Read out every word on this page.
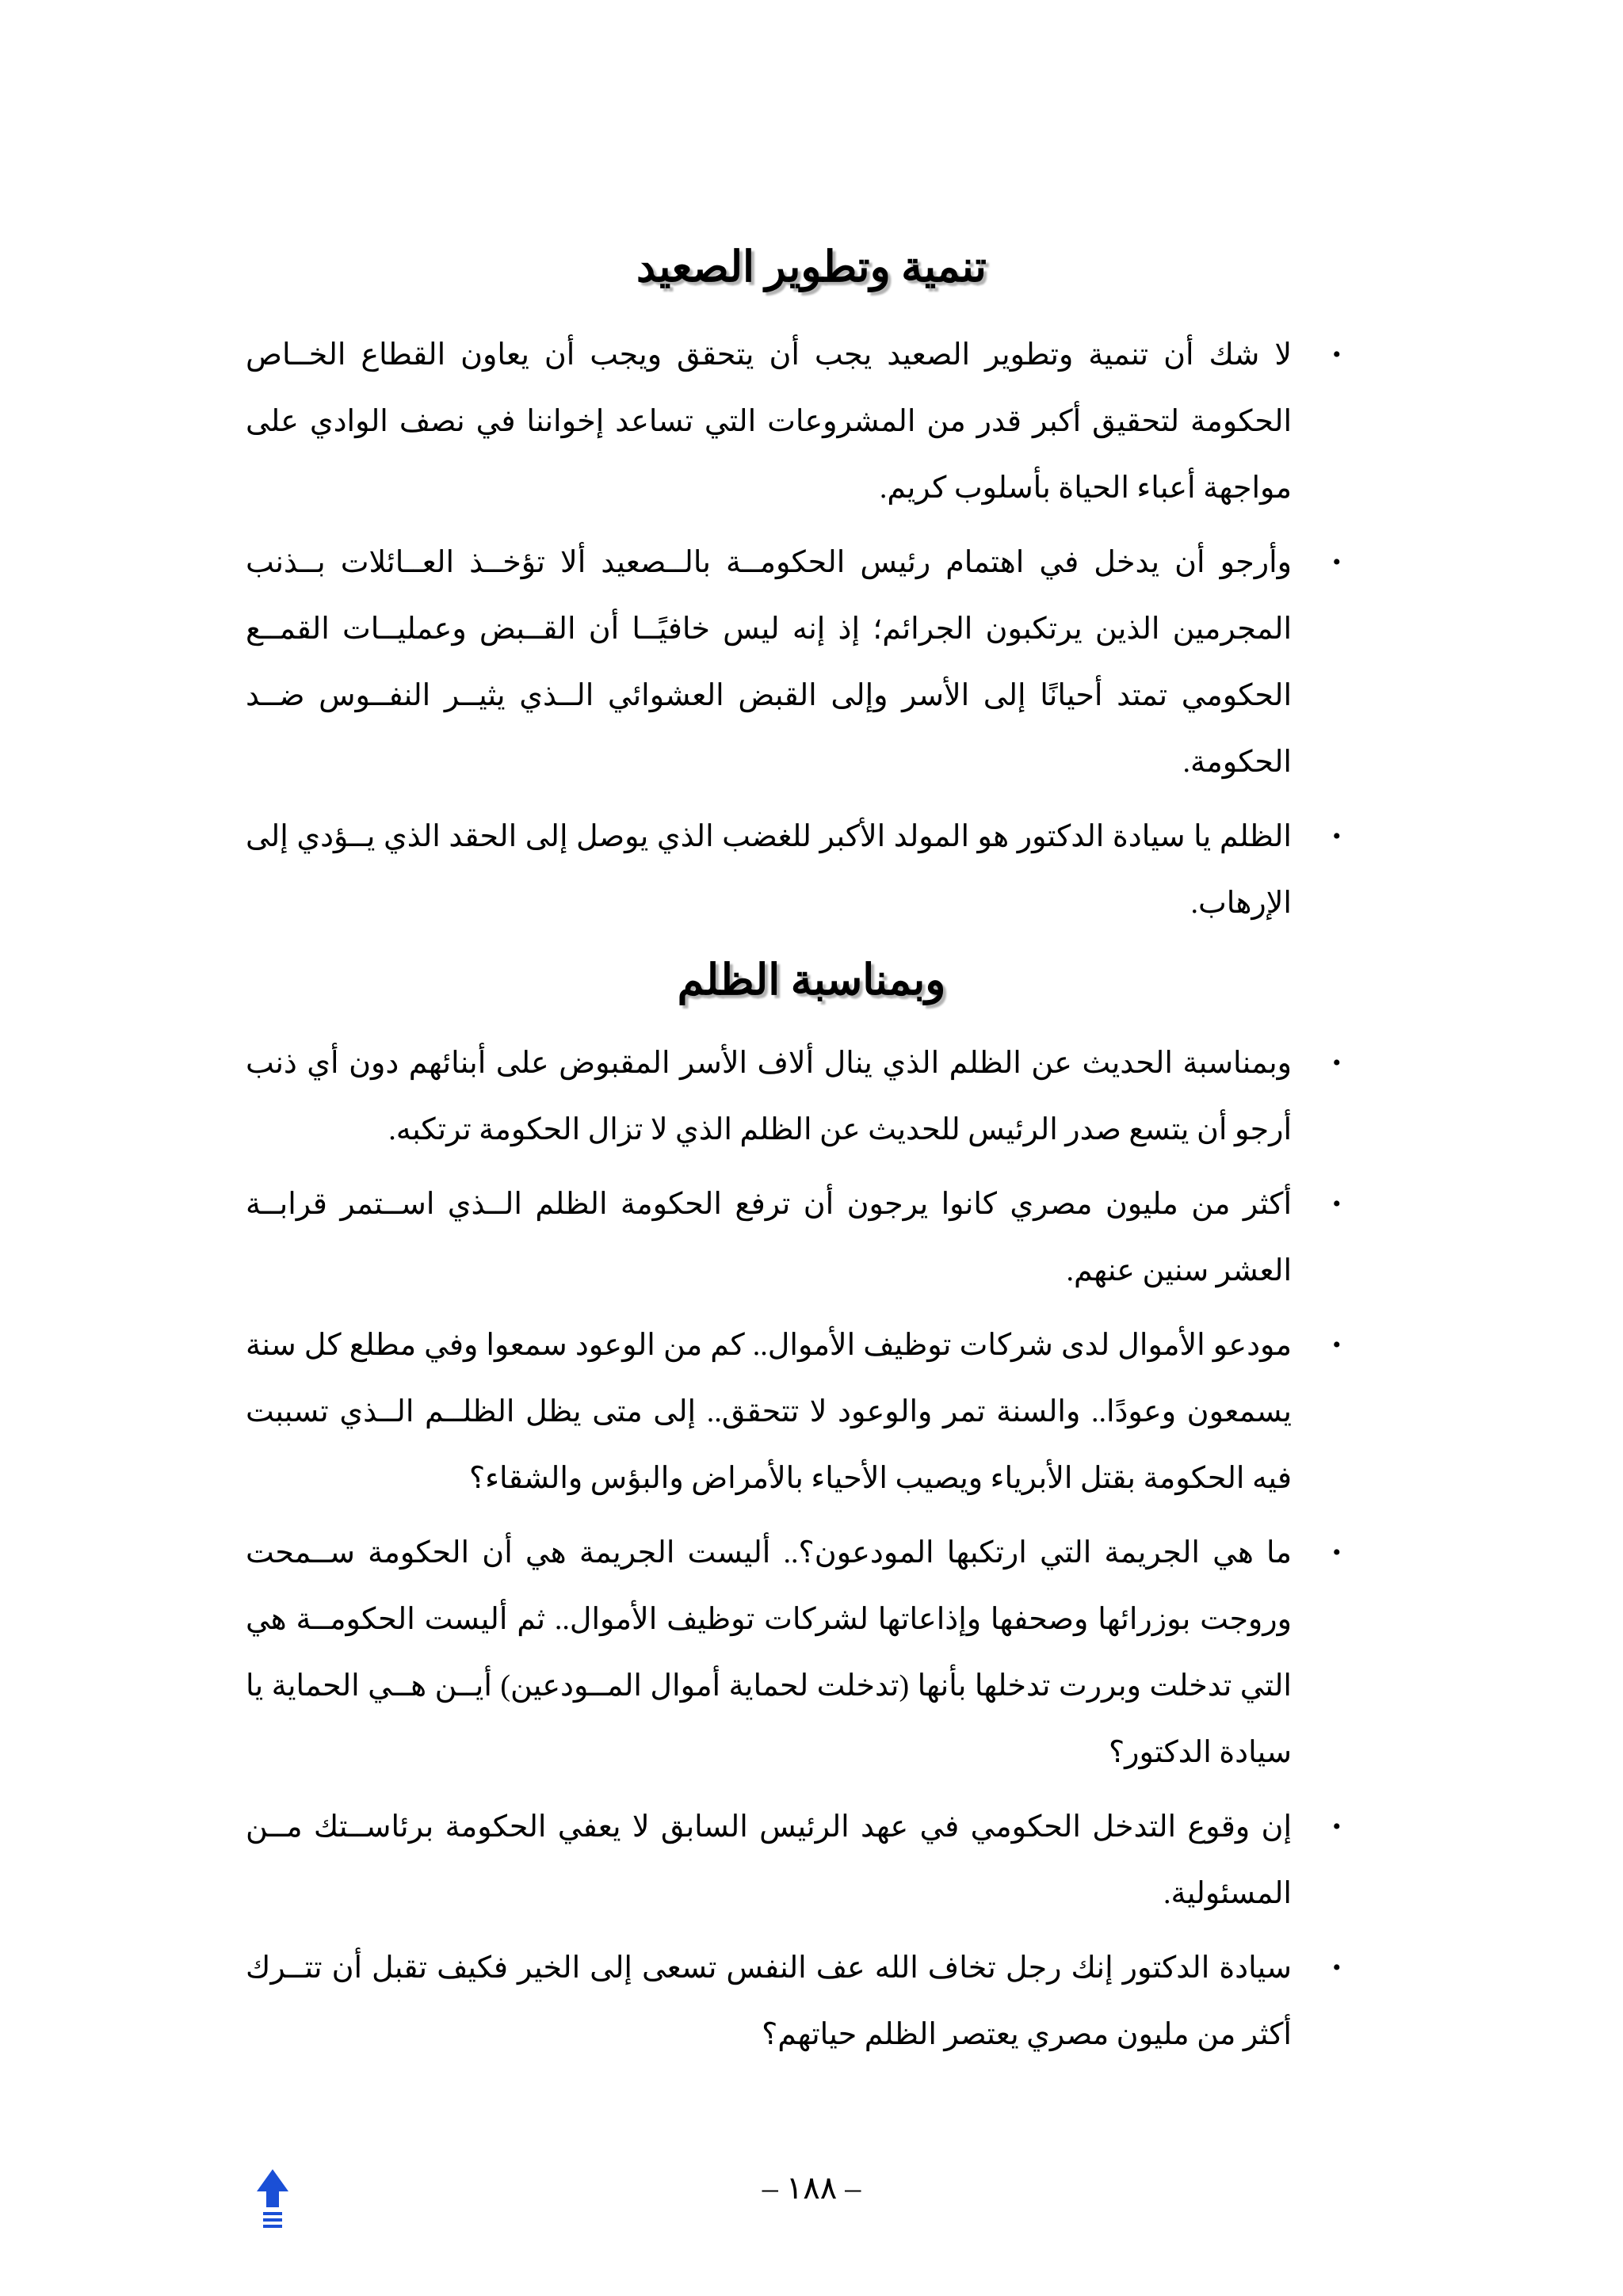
تنمية وتطوير الصعيد
•
لا شك أن تنمية وتطوير الصعيد يجب أن يتحقق ويجب أن يعاون القطاع الخــاص الحكومة لتحقيق أكبر قدر من المشروعات التي تساعد إخواننا في نصف الوادي على مواجهة أعباء الحياة بأسلوب كريم.
•
وأرجو أن يدخل في اهتمام رئيس الحكومــة بالــصعيد ألا تؤخــذ العــائلات بــذنب المجرمين الذين يرتكبون الجرائم؛ إذ إنه ليس خافيًــا أن القــبض وعمليــات القمــع الحكومي تمتد أحيانًا إلى الأسر وإلى القبض العشوائي الــذي يثيــر النفــوس ضــد الحكومة.
•
الظلم يا سيادة الدكتور هو المولد الأكبر للغضب الذي يوصل إلى الحقد الذي يــؤدي إلى الإرهاب.
وبمناسبة الظلم
•
وبمناسبة الحديث عن الظلم الذي ينال ألاف الأسر المقبوض على أبنائهم دون أي ذنب أرجو أن يتسع صدر الرئيس للحديث عن الظلم الذي لا تزال الحكومة ترتكبه.
•
أكثر من مليون مصري كانوا يرجون أن ترفع الحكومة الظلم الــذي اســتمر قرابــة العشر سنين عنهم.
•
مودعو الأموال لدى شركات توظيف الأموال.. كم من الوعود سمعوا وفي مطلع كل سنة يسمعون وعودًا.. والسنة تمر والوعود لا تتحقق.. إلى متى يظل الظلــم الــذي تسببت فيه الحكومة بقتل الأبرياء ويصيب الأحياء بالأمراض والبؤس والشقاء؟
•
ما هي الجريمة التي ارتكبها المودعون؟.. أليست الجريمة هي أن الحكومة ســمحت وروجت بوزرائها وصحفها وإذاعاتها لشركات توظيف الأموال.. ثم أليست الحكومــة هي التي تدخلت وبررت تدخلها بأنها (تدخلت لحماية أموال المــودعين) أيــن هــي الحماية يا سيادة الدكتور؟
•
إن وقوع التدخل الحكومي في عهد الرئيس السابق لا يعفي الحكومة برئاســتك مــن المسئولية.
•
سيادة الدكتور إنك رجل تخاف الله عف النفس تسعى إلى الخير فكيف تقبل أن تتــرك أكثر من مليون مصري يعتصر الظلم حياتهم؟
– ١٨٨ –
